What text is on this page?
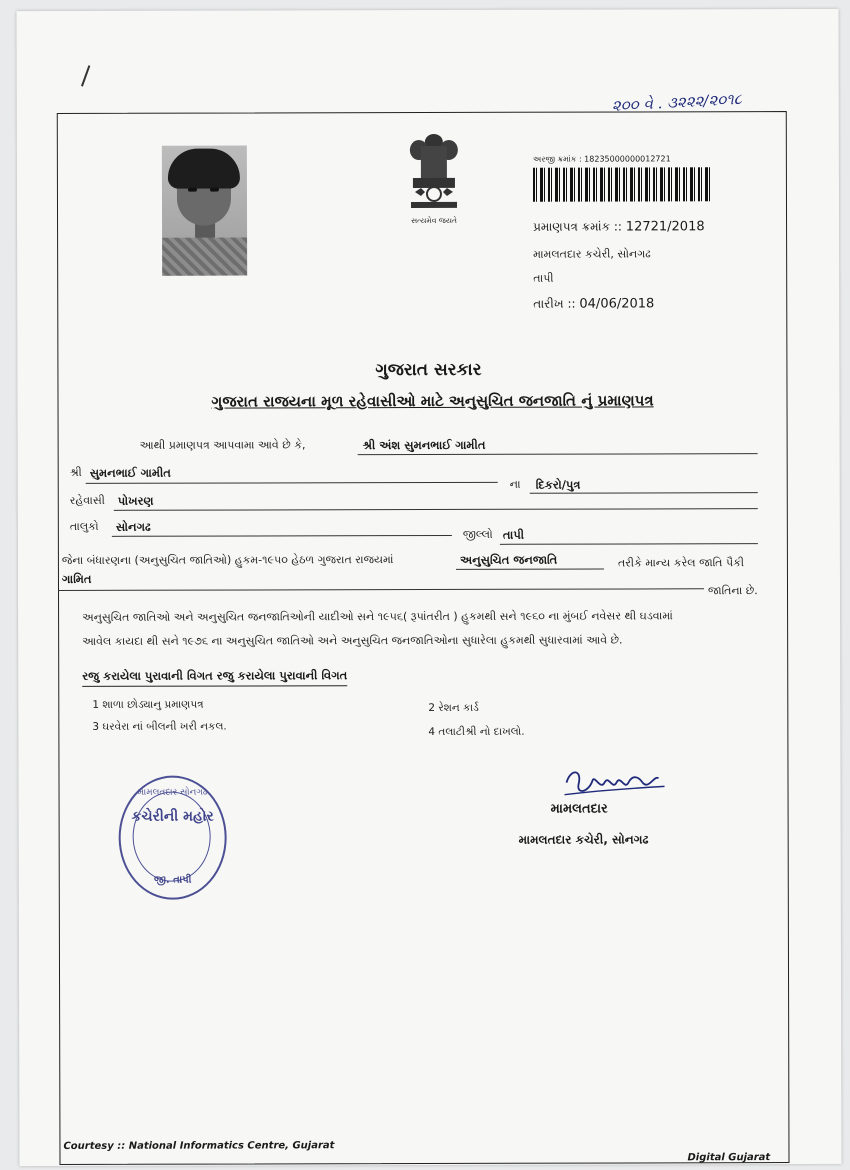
૨૦૦ વે . ૩૨૨૨/૨૦૧૮
સત્યમેવ જયતે
અરજી ક્રમાંક : 18235000000012721
પ્રમાણપત્ર ક્રમાંક :: 12721/2018
મામલતદાર કચેરી, સોનગઢ
તાપી
તારીખ :: 04/06/2018
ગુજરાત સરકાર
ગુજરાત રાજયના મૂળ રહેવાસીઓ માટે અનુસુચિત જનજાતિ નું પ્રમાણપત્ર
આથી પ્રમાણપત્ર આપવામા આવે છે કે,	શ્રી અંશ સુમનભાઈ ગામીત
શ્રી સુમનભાઈ ગામીત
ના દિકરો/પુત્ર
રહેવાસી પોખરણ
તાલુકો સોનગઢ
જીલ્લો તાપી
જેના બંધારણના (અનુસુચિત જાતિઓ) હુકમ-૧૯૫૦ હેઠળ ગુજરાત રાજયમાં	અનુસુચિત જનજાતિ	તરીકે માન્ય કરેલ જાતિ પૈકી
ગામિત
જાતિના છે.
અનુસુચિત જાતિઓ અને અનુસુચિત જનજાતિઓની યાદીઓ સને ૧૯૫૬( રૂપાંતરીત ) હુકમથી સને ૧૯૬૦ ના મુંબઈ નવેસર થી ઘડવામાં
આવેલ કાયદા થી સને ૧૯૭૬ ના અનુસુચિત જાતિઓ અને અનુસુચિત જનજાતિઓના સુધારેલા હુકમથી સુધારવામાં આવે છે.
રજુ કરાયેલા પુરાવાની વિગત રજુ કરાયેલા પુરાવાની વિગત
1 શાળા છોડ્યાનુ પ્રમાણપત્ર	2 રેશન કાર્ડ
3 ઘરવેરા નાં બીલની ખરી નકલ.	4 તલાટીશ્રી નો દાખલો.
મામલતદાર સોનગઢ
કચેરીની મહોર
જી. તાપી
મામલતદાર
મામલતદાર કચેરી, સોનગઢ
Courtesy :: National Informatics Centre, Gujarat
Digital Gujarat
